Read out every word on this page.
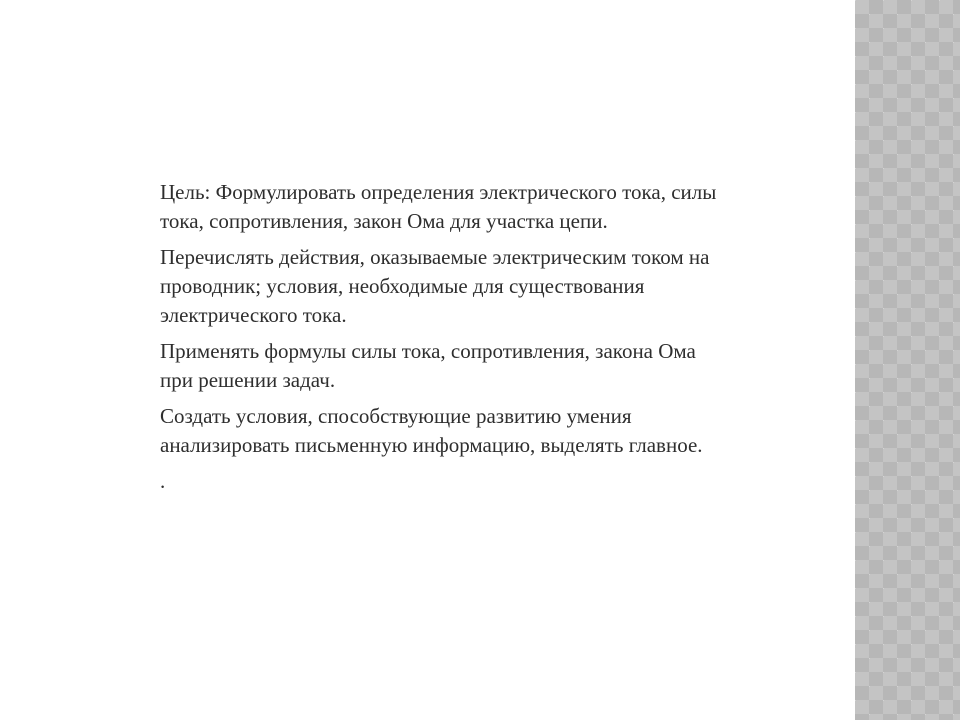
Цель: Формулировать определения электрического тока, силы
тока, сопротивления, закон Ома для участка цепи.

Перечислять действия, оказываемые электрическим током на
проводник; условия, необходимые для существования
электрического тока.

Применять формулы силы тока, сопротивления, закона Ома
при решении задач.

Создать условия, способствующие развитию умения
анализировать письменную информацию, выделять главное.

.
